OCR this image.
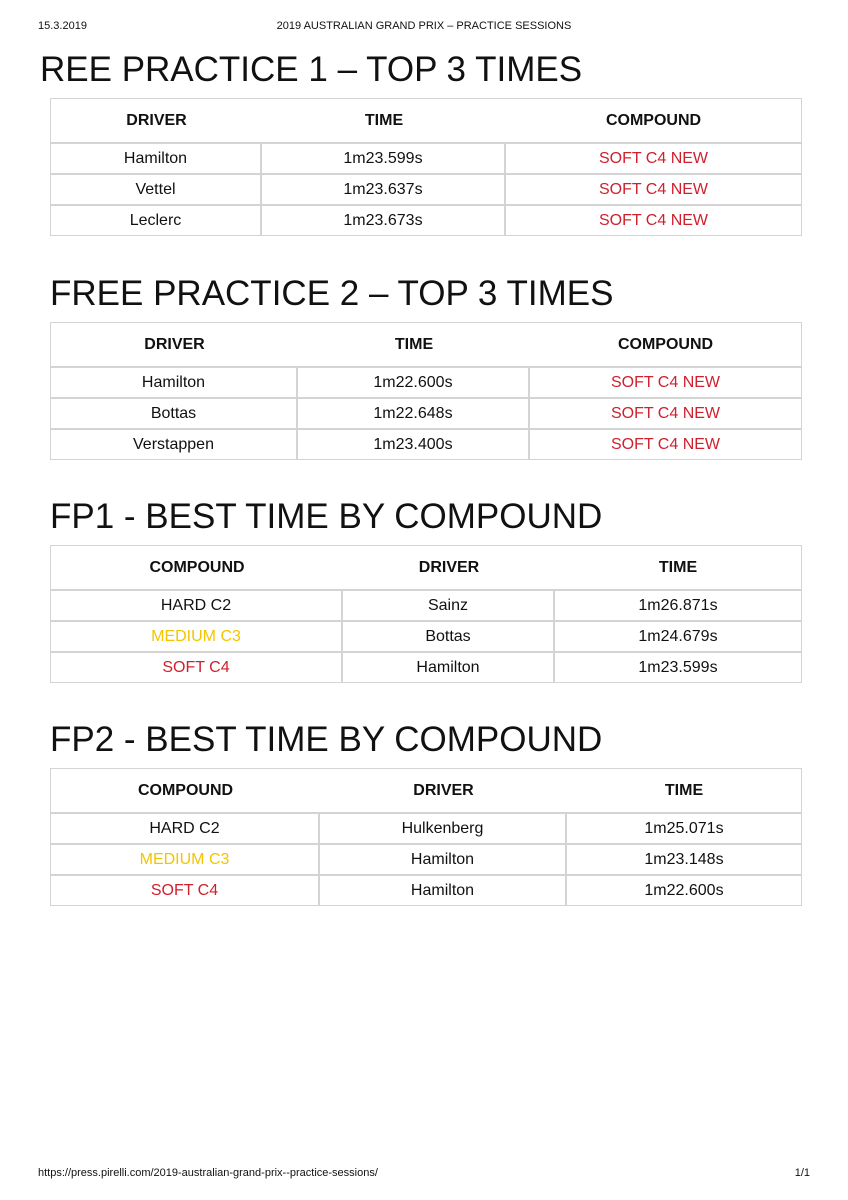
15.3.2019	2019 AUSTRALIAN GRAND PRIX – PRACTICE SESSIONS
REE PRACTICE 1 – TOP 3 TIMES
DRIVER	TIME	COMPOUND
Hamilton	1m23.599s	SOFT C4 NEW
Vettel	1m23.637s	SOFT C4 NEW
Leclerc	1m23.673s	SOFT C4 NEW
FREE PRACTICE 2 – TOP 3 TIMES
DRIVER	TIME	COMPOUND
Hamilton	1m22.600s	SOFT C4 NEW
Bottas	1m22.648s	SOFT C4 NEW
Verstappen	1m23.400s	SOFT C4 NEW
FP1 - BEST TIME BY COMPOUND
COMPOUND	DRIVER	TIME
HARD C2	Sainz	1m26.871s
MEDIUM C3	Bottas	1m24.679s
SOFT C4	Hamilton	1m23.599s
FP2 - BEST TIME BY COMPOUND
COMPOUND	DRIVER	TIME
HARD C2	Hulkenberg	1m25.071s
MEDIUM C3	Hamilton	1m23.148s
SOFT C4	Hamilton	1m22.600s
https://press.pirelli.com/2019-australian-grand-prix--practice-sessions/	1/1
